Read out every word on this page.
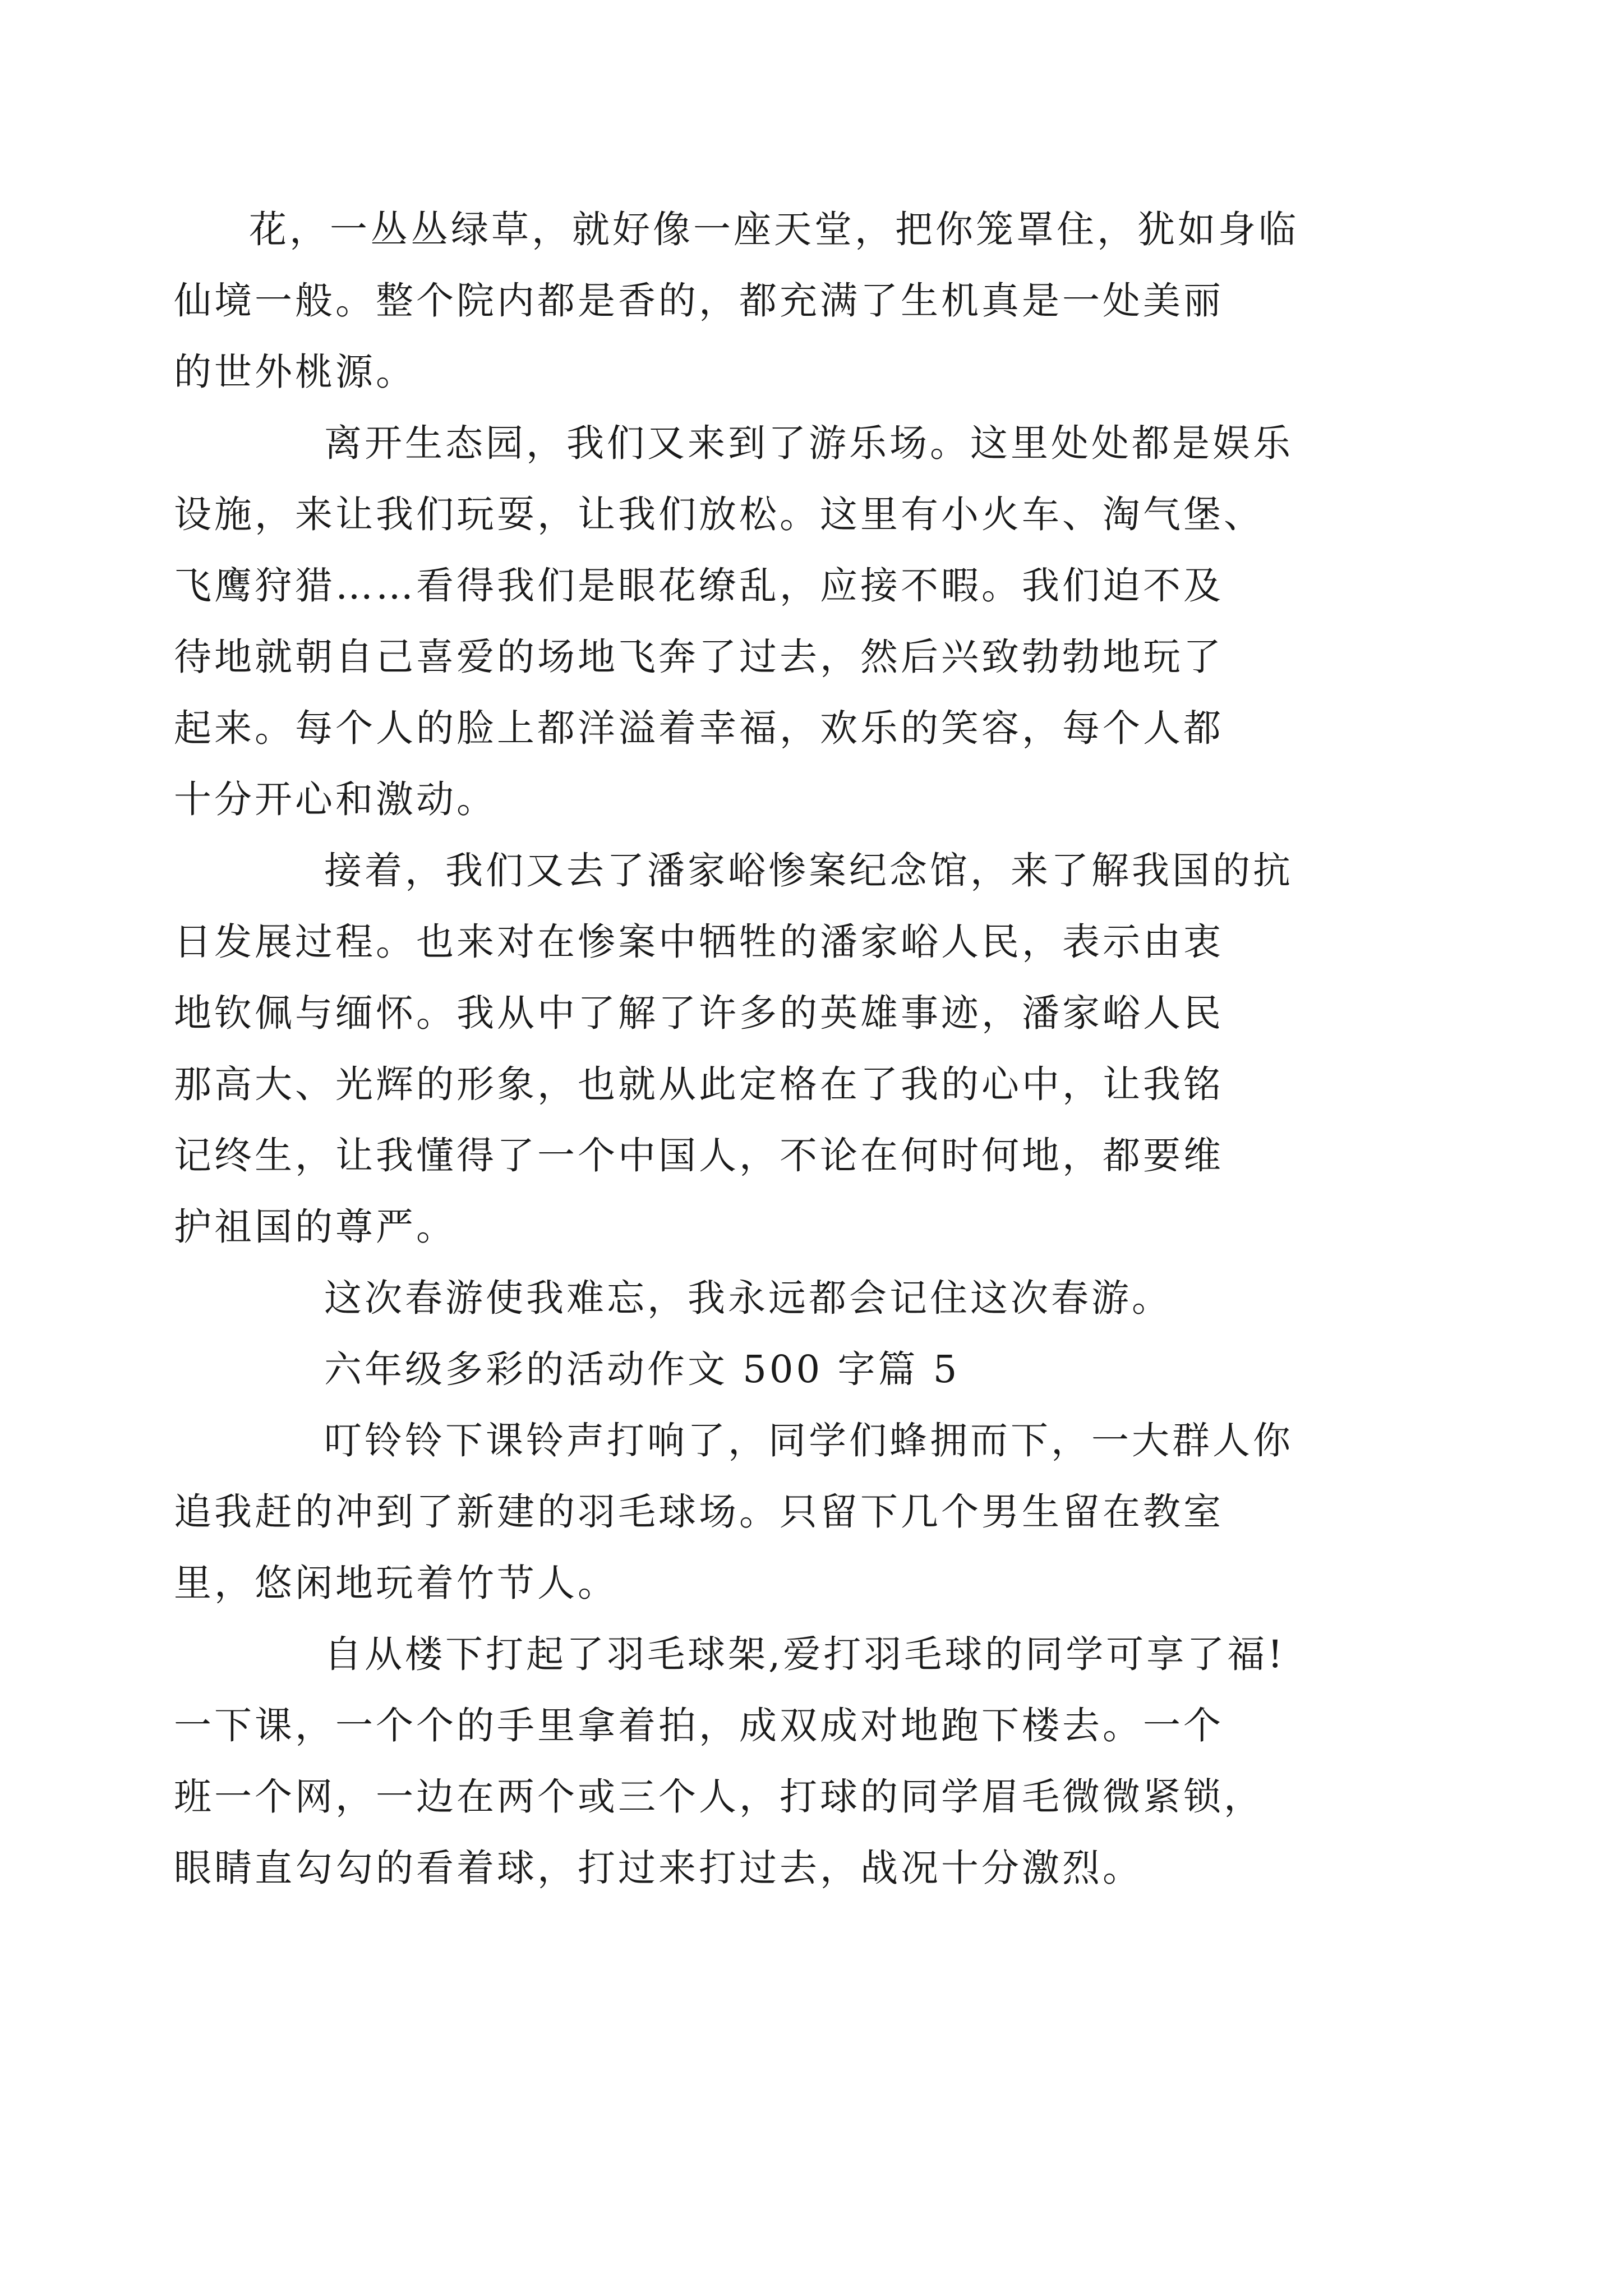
花，一丛丛绿草，就好像一座天堂，把你笼罩住，犹如身临
仙境一般。整个院内都是香的，都充满了生机真是一处美丽
的世外桃源。

离开生态园，我们又来到了游乐场。这里处处都是娱乐
设施，来让我们玩耍，让我们放松。这里有小火车、淘气堡、
飞鹰狩猎……看得我们是眼花缭乱，应接不暇。我们迫不及
待地就朝自己喜爱的场地飞奔了过去，然后兴致勃勃地玩了
起来。每个人的脸上都洋溢着幸福，欢乐的笑容，每个人都
十分开心和激动。

接着，我们又去了潘家峪惨案纪念馆，来了解我国的抗
日发展过程。也来对在惨案中牺牲的潘家峪人民，表示由衷
地钦佩与缅怀。我从中了解了许多的英雄事迹，潘家峪人民
那高大、光辉的形象，也就从此定格在了我的心中，让我铭
记终生，让我懂得了一个中国人，不论在何时何地，都要维
护祖国的尊严。

这次春游使我难忘，我永远都会记住这次春游。

六年级多彩的活动作文 500 字篇 5

叮铃铃下课铃声打响了，同学们蜂拥而下，一大群人你
追我赶的冲到了新建的羽毛球场。只留下几个男生留在教室
里，悠闲地玩着竹节人。

自从楼下打起了羽毛球架,爱打羽毛球的同学可享了福!
一下课，一个个的手里拿着拍，成双成对地跑下楼去。一个
班一个网，一边在两个或三个人，打球的同学眉毛微微紧锁，
眼睛直勾勾的看着球，打过来打过去，战况十分激烈。
